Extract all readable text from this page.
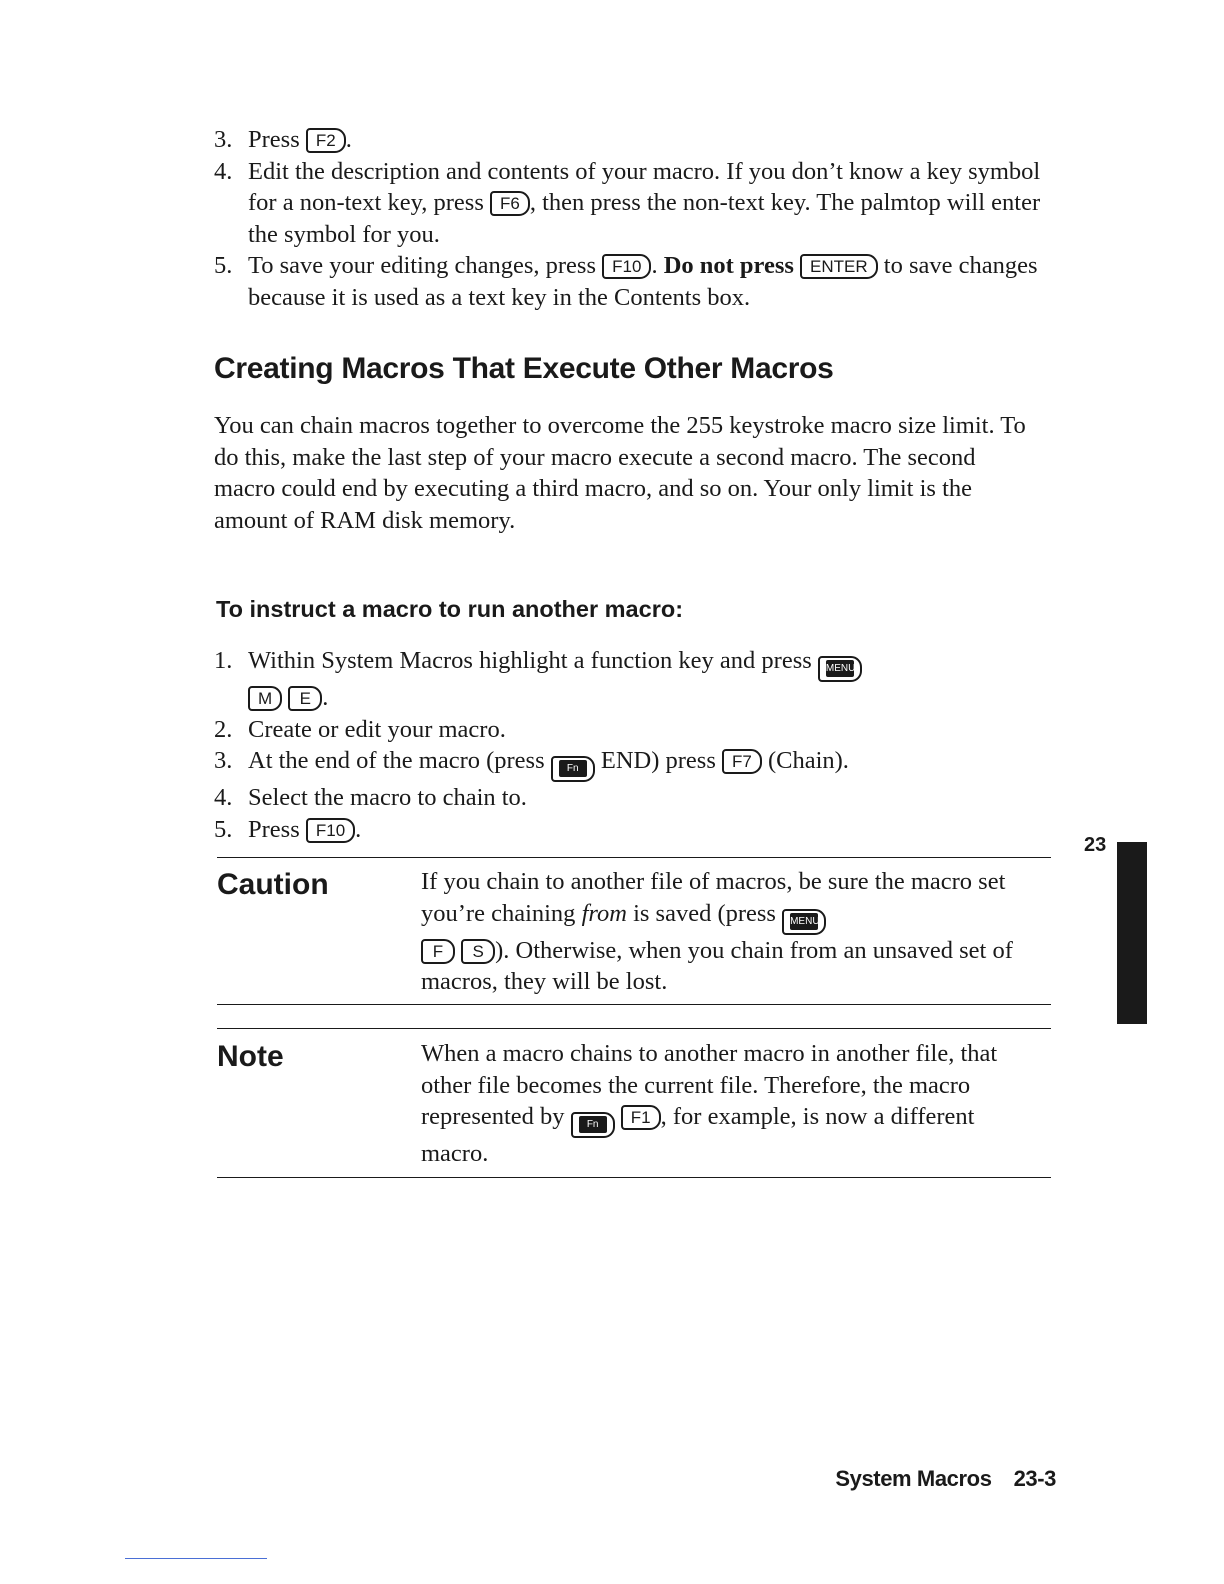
3. Press F2 .
4. Edit the description and contents of your macro. If you don’t know a key symbol for a non-text key, press F6 , then press the non-text key. The palmtop will enter the symbol for you.
5. To save your editing changes, press F10 . Do not press ENTER to save changes because it is used as a text key in the Contents box.
Creating Macros That Execute Other Macros

You can chain macros together to overcome the 255 keystroke macro size limit. To do this, make the last step of your macro execute a second macro. The second macro could end by executing a third macro, and so on. Your only limit is the amount of RAM disk memory.

To instruct a macro to run another macro:
1. Within System Macros highlight a function key and press MENU

M E .
2. Create or edit your macro.
3. At the end of the macro (press	Fn END) press F7 (Chain).
4. Select the macro to chain to.
5. Press F10 .
23

Caution	If you chain to another file of macros, be sure the macro set you’re chaining from is saved (press MENU

F S ). Otherwise, when you chain from an unsaved set of macros, they will be lost.

Note	When a macro chains to another macro in another file, that other file becomes the current file. Therefore, the macro represented by	Fn	F1 , for example, is now a different macro.

System Macros 23-3
